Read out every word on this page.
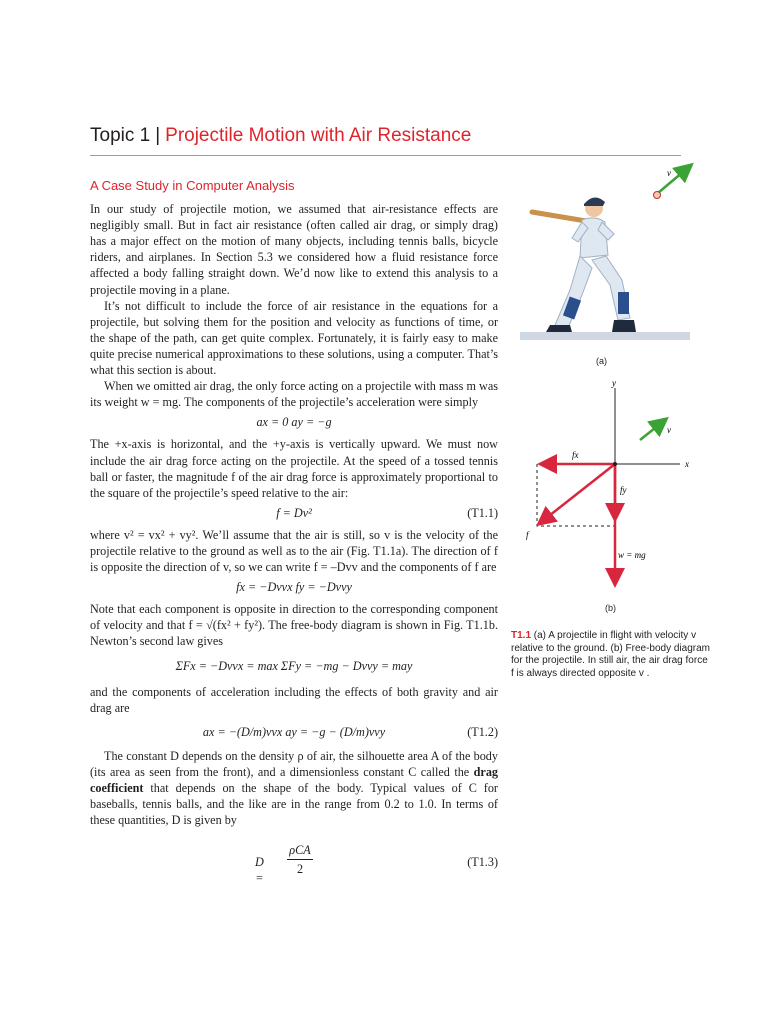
Topic 1 | Projectile Motion with Air Resistance
A Case Study in Computer Analysis

In our study of projectile motion, we assumed that air-resistance effects are negligibly small. But in fact air resistance (often called air drag, or simply drag) has a major effect on the motion of many objects, including tennis balls, bicycle riders, and airplanes. In Section 5.3 we considered how a fluid resistance force affected a body falling straight down. We’d now like to extend this analysis to a projectile moving in a plane.

It’s not difficult to include the force of air resistance in the equations for a projectile, but solving them for the position and velocity as functions of time, or the shape of the path, can get quite complex. Fortunately, it is fairly easy to make quite precise numerical approximations to these solutions, using a computer. That’s what this section is about.

When we omitted air drag, the only force acting on a projectile with mass m was its weight w = mg. The components of the projectile’s acceleration were simply

ax = 0 ay = −g

The +x-axis is horizontal, and the +y-axis is vertically upward. We must now include the air drag force acting on the projectile. At the speed of a tossed tennis ball or faster, the magnitude f of the air drag force is approximately proportional to the square of the projectile’s speed relative to the air:

f = Dv²	(T1.1)

where v² = vx² + vy². We’ll assume that the air is still, so v is the velocity of the projectile relative to the ground as well as to the air (Fig. T1.1a). The direction of f is opposite the direction of v, so we can write f = –Dvv and the components of f are

fx = −Dvvx fy = −Dvvy

Note that each component is opposite in direction to the corresponding component of velocity and that f = √(fx² + fy²). The free-body diagram is shown in Fig. T1.1b. Newton’s second law gives

ΣFx = −Dvvx = max ΣFy = −mg − Dvvy = may

and the components of acceleration including the effects of both gravity and air drag are

ax = −(D/m)vvx ay = −g − (D/m)vvy	(T1.2)

The constant D depends on the density ρ of air, the silhouette area A of the body (its area as seen from the front), and a dimensionless constant C called the drag coefficient that depends on the shape of the body. Typical values of C for baseballs, tennis balls, and the like are in the range from 0.2 to 1.0. In terms of these quantities, D is given by

D =
ρCA
2
(T1.3)
v
(a)
y
x
v
fx
fy
f
w = mg
(b)
T1.1 (a) A projectile in flight with velocity v relative to the ground. (b) Free-body diagram for the projectile. In still air, the air drag force f is always directed opposite v .
